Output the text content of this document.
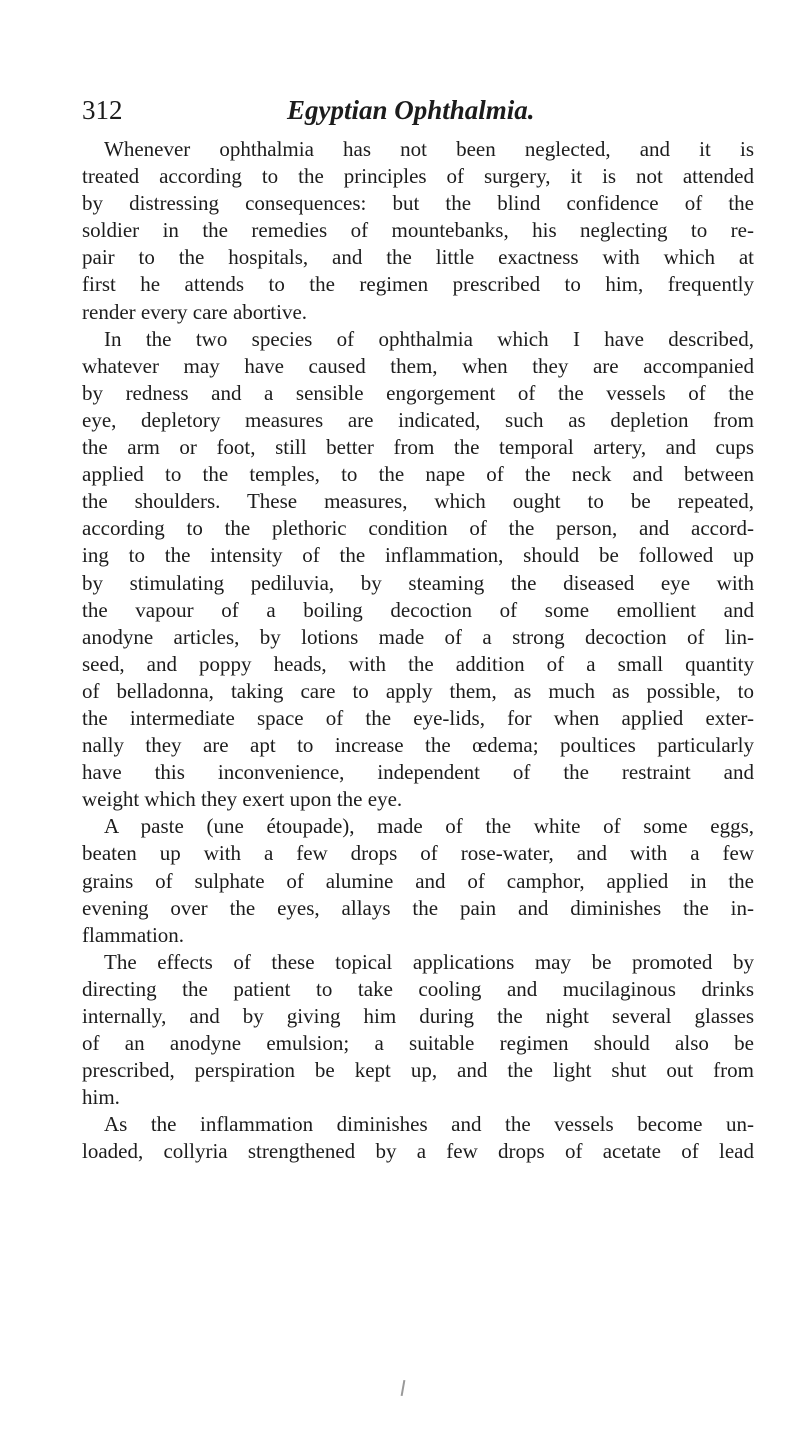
312	Egyptian Ophthalmia.
Whenever ophthalmia has not been neglected, and it is
treated according to the principles of surgery, it is not attended
by distressing consequences: but the blind confidence of the
soldier in the remedies of mountebanks, his neglecting to re-
pair to the hospitals, and the little exactness with which at
first he attends to the regimen prescribed to him, frequently
render every care abortive.
In the two species of ophthalmia which I have described,
whatever may have caused them, when they are accompanied
by redness and a sensible engorgement of the vessels of the
eye, depletory measures are indicated, such as depletion from
the arm or foot, still better from the temporal artery, and cups
applied to the temples, to the nape of the neck and between
the shoulders. These measures, which ought to be repeated,
according to the plethoric condition of the person, and accord-
ing to the intensity of the inflammation, should be followed up
by stimulating pediluvia, by steaming the diseased eye with
the vapour of a boiling decoction of some emollient and
anodyne articles, by lotions made of a strong decoction of lin-
seed, and poppy heads, with the addition of a small quantity
of belladonna, taking care to apply them, as much as possible, to
the intermediate space of the eye-lids, for when applied exter-
nally they are apt to increase the œdema; poultices particularly
have this inconvenience, independent of the restraint and
weight which they exert upon the eye.
A paste (une étoupade), made of the white of some eggs,
beaten up with a few drops of rose-water, and with a few
grains of sulphate of alumine and of camphor, applied in the
evening over the eyes, allays the pain and diminishes the in-
flammation.
The effects of these topical applications may be promoted by
directing the patient to take cooling and mucilaginous drinks
internally, and by giving him during the night several glasses
of an anodyne emulsion; a suitable regimen should also be
prescribed, perspiration be kept up, and the light shut out from
him.
As the inflammation diminishes and the vessels become un-
loaded, collyria strengthened by a few drops of acetate of lead
